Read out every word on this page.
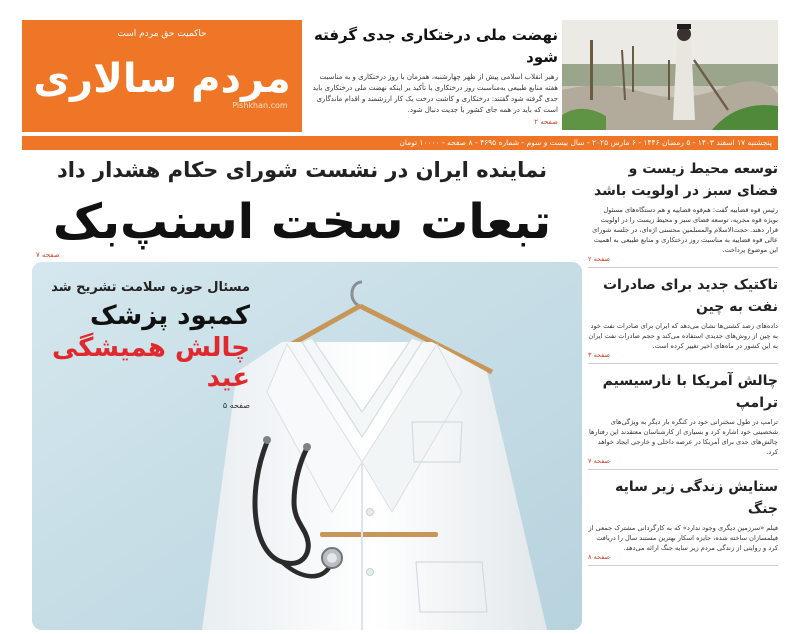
حاکمیت حق مردم است
مردم سالاری
Pishkhan.com
نهضت ملی درختکاری جدی گرفته شود
رهبر انقلاب اسلامی پیش از ظهر چهارشنبه، همزمان با روز درختکاری و به مناسبت هفته منابع طبیعی به‌مناسبت روز درختکاری با تأکید بر اینکه نهضت ملی درختکاری باید جدی گرفته شود گفتند: درختکاری و کاشت درخت یک کار ارزشمند و اقدام ماندگاری است که باید در همه جای کشور با جدیت دنبال شود.
صفحه ۲
پنجشنبه ۱۷ اسفند ۱۴۰۳ - ۵ رمضان ۱۴۴۶ - ۶ مارس ۲۰۲۵ - سال بیست و سوم - شماره ۴۶۹۵ - ۸ صفحه - ۱۰۰۰۰ تومان
نماینده ایران در نشست شورای حکام هشدار داد
تبعات سخت اسنپ‌بک
صفحه ۷
مسئال حوزه سلامت تشریح شد
کمبود پزشک
چالش همیشگی عید
صفحه ۵
توسعه محیط زیست و فضای سبز در اولویت باشد
رئیس قوه قضاییه گفت: هم‌قوه قضاییه و هم دستگاه‌های مسئول بویژه قوه مجریه، توسعه فضای سبز و محیط زیست را در اولویت قرار دهند. حجت‌الاسلام والمسلمین محسنی اژه‌ای، در جلسه شورای عالی قوه قضاییه به مناسبت روز درختکاری و منابع طبیعی به اهمیت این موضوع پرداخت.
صفحه ۲
تاکتیک جدید برای صادرات نفت به چین
داده‌های رصد کشتی‌ها نشان می‌دهد که ایران برای صادرات نفت خود به چین از روش‌های جدیدی استفاده می‌کند و حجم صادرات نفت ایران به این کشور در ماه‌های اخیر تغییر کرده است.
صفحه ۳
چالش آمریکا با نارسیسیم ترامپ
ترامپ در طول سخنرانی خود در کنگره بار دیگر به ویژگی‌های شخصیتی خود اشاره کرد و بسیاری از کارشناسان معتقدند این رفتارها چالش‌های جدی برای آمریکا در عرصه داخلی و خارجی ایجاد خواهد کرد.
صفحه ۷
ستایش زندگی زیر سایه جنگ
فیلم «سرزمین دیگری وجود ندارد» که به کارگردانی مشترک جمعی از فیلمسازان ساخته شده، جایزه اسکار بهترین مستند سال را دریافت کرد و روایتی از زندگی مردم زیر سایه جنگ ارائه می‌دهد.
صفحه ۸
